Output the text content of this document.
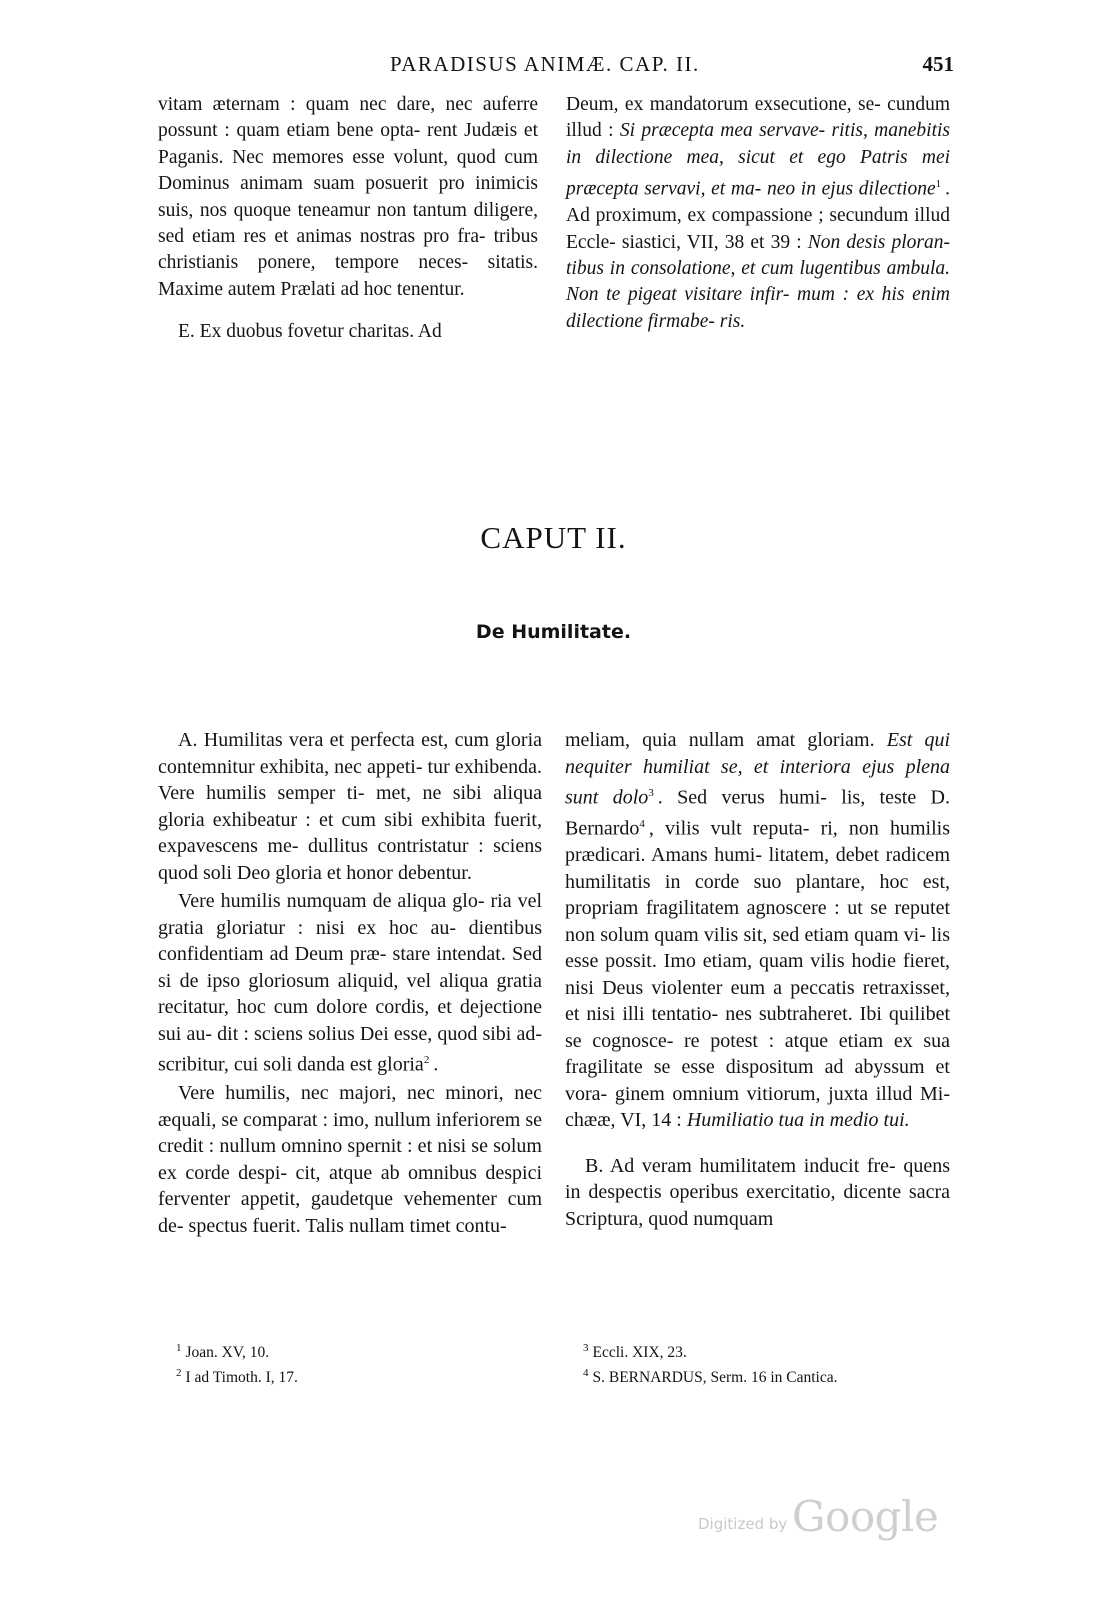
PARADISUS ANIMÆ. CAP. II.	451

vitam æternam : quam nec dare, nec auferre possunt : quam etiam bene opta- rent Judæis et Paganis. Nec memores esse volunt, quod cum Dominus animam suam posuerit pro inimicis suis, nos quoque teneamur non tantum diligere, sed etiam res et animas nostras pro fra- tribus christianis ponere, tempore neces- sitatis. Maxime autem Prælati ad hoc tenentur.

E. Ex duobus fovetur charitas. Ad

Deum, ex mandatorum exsecutione, se- cundum illud : Si præcepta mea servave- ritis, manebitis in dilectione mea, sicut et ego Patris mei præcepta servavi, et ma- neo in ejus dilectione$^1$ . Ad proximum, ex compassione ; secundum illud Eccle- siastici, VII, 38 et 39 : Non desis ploran- tibus in consolatione, et cum lugentibus ambula. Non te pigeat visitare infir- mum : ex his enim dilectione firmabe- ris.

CAPUT II.
De Humilitate.

A. Humilitas vera et perfecta est, cum gloria contemnitur exhibita, nec appeti- tur exhibenda. Vere humilis semper ti- met, ne sibi aliqua gloria exhibeatur : et cum sibi exhibita fuerit, expavescens me- dullitus contristatur : sciens quod soli Deo gloria et honor debentur.

Vere humilis numquam de aliqua glo- ria vel gratia gloriatur : nisi ex hoc au- dientibus confidentiam ad Deum præ- stare intendat. Sed si de ipso gloriosum aliquid, vel aliqua gratia recitatur, hoc cum dolore cordis, et dejectione sui au- dit : sciens solius Dei esse, quod sibi ad- scribitur, cui soli danda est gloria$^2$ .

Vere humilis, nec majori, nec minori, nec æquali, se comparat : imo, nullum inferiorem se credit : nullum omnino spernit : et nisi se solum ex corde despi- cit, atque ab omnibus despici ferventer appetit, gaudetque vehementer cum de- spectus fuerit. Talis nullam timet contu-

meliam, quia nullam amat gloriam. Est qui nequiter humiliat se, et interiora ejus plena sunt dolo$^3$ . Sed verus humi- lis, teste D. Bernardo$^4$ , vilis vult reputa- ri, non humilis prædicari. Amans humi- litatem, debet radicem humilitatis in corde suo plantare, hoc est, propriam fragilitatem agnoscere : ut se reputet non solum quam vilis sit, sed etiam quam vi- lis esse possit. Imo etiam, quam vilis hodie fieret, nisi Deus violenter eum a peccatis retraxisset, et nisi illi tentatio- nes subtraheret. Ibi quilibet se cognosce- re potest : atque etiam ex sua fragilitate se esse dispositum ad abyssum et vora- ginem omnium vitiorum, juxta illud Mi- chææ, VI, 14 : Humiliatio tua in medio tui.

B. Ad veram humilitatem inducit fre- quens in despectis operibus exercitatio, dicente sacra Scriptura, quod numquam

$^1$ Joan. XV, 10.
$^2$ I ad Timoth. I, 17.
$^3$ Eccli. XIX, 23.
$^4$ S. BERNARDUS, Serm. 16 in Cantica.
Digitized by Google
